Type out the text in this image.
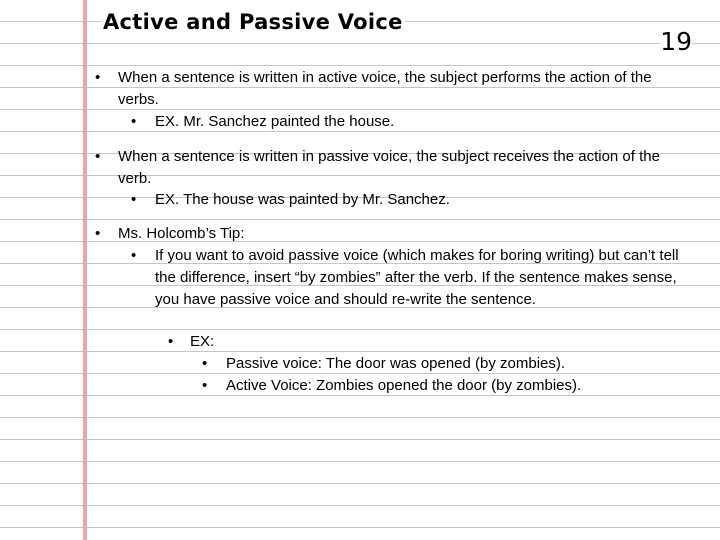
Active and Passive Voice
19
• When a sentence is written in active voice, the subject performs the action of the verbs.
• EX. Mr. Sanchez painted the house.
• When a sentence is written in passive voice, the subject receives the action of the verb.
• EX. The house was painted by Mr. Sanchez.
• Ms. Holcomb’s Tip:
• If you want to avoid passive voice (which makes for boring writing) but can’t tell the difference, insert “by zombies” after the verb. If the sentence makes sense, you have passive voice and should re-write the sentence.
• EX:
• Passive voice: The door was opened (by zombies).
• Active Voice: Zombies opened the door (by zombies).
